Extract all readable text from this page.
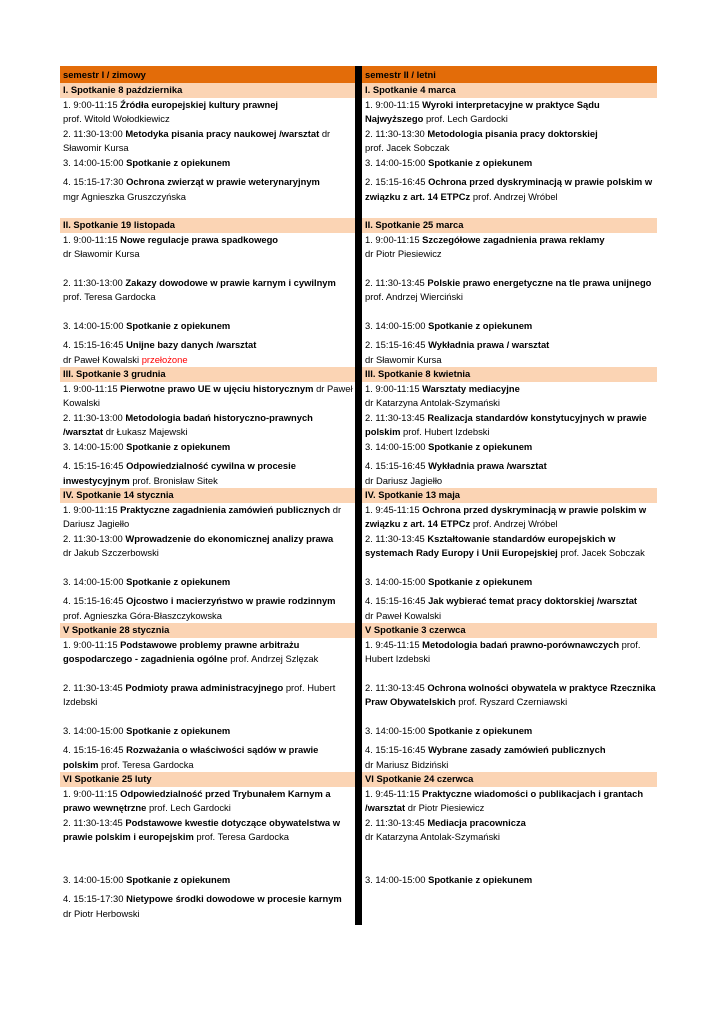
semestr I / zimowy
I. Spotkanie 8 października
1. 9:00-11:15 Źródła europejskiej kultury prawnej
prof. Witold Wołodkiewicz
2. 11:30-13:00 Metodyka pisania pracy naukowej /warsztat dr Sławomir Kursa
3. 14:00-15:00 Spotkanie z opiekunem
4. 15:15-17:30 Ochrona zwierząt w prawie weterynaryjnym
mgr Agnieszka Gruszczyńska
II. Spotkanie 19 listopada
1. 9:00-11:15 Nowe regulacje prawa spadkowego
dr Sławomir Kursa
2. 11:30-13:00 Zakazy dowodowe w prawie karnym i cywilnym
prof. Teresa Gardocka
3. 14:00-15:00 Spotkanie z opiekunem
4. 15:15-16:45 Unijne bazy danych /warsztat
dr Paweł Kowalski przełożone
III. Spotkanie 3 grudnia
1. 9:00-11:15 Pierwotne prawo UE w ujęciu historycznym dr Paweł Kowalski
2. 11:30-13:00 Metodologia badań historyczno-prawnych /warsztat dr Łukasz Majewski
3. 14:00-15:00 Spotkanie z opiekunem
4. 15:15-16:45 Odpowiedzialność cywilna w procesie inwestycyjnym prof. Bronisław Sitek
IV. Spotkanie 14 stycznia
1. 9:00-11:15 Praktyczne zagadnienia zamówień publicznych dr Dariusz Jagiełło
2. 11:30-13:00 Wprowadzenie do ekonomicznej analizy prawa
dr Jakub Szczerbowski
3. 14:00-15:00 Spotkanie z opiekunem
4. 15:15-16:45 Ojcostwo i macierzyństwo w prawie rodzinnym
prof. Agnieszka Góra-Błaszczykowska
V Spotkanie 28 stycznia
1. 9:00-11:15 Podstawowe problemy prawne arbitrażu gospodarczego - zagadnienia ogólne prof. Andrzej Szlęzak
2. 11:30-13:45 Podmioty prawa administracyjnego prof. Hubert Izdebski
3. 14:00-15:00 Spotkanie z opiekunem
4. 15:15-16:45 Rozważania o właściwości sądów w prawie polskim prof. Teresa Gardocka
VI Spotkanie 25 luty
1. 9:00-11:15 Odpowiedzialność przed Trybunałem Karnym a prawo wewnętrzne prof. Lech Gardocki
2. 11:30-13:45 Podstawowe kwestie dotyczące obywatelstwa w prawie polskim i europejskim prof. Teresa Gardocka
3. 14:00-15:00 Spotkanie z opiekunem
4. 15:15-17:30 Nietypowe środki dowodowe w procesie karnym
dr Piotr Herbowski
semestr II / letni
I. Spotkanie 4 marca
1. 9:00-11:15 Wyroki interpretacyjne w praktyce Sądu Najwyższego prof. Lech Gardocki
2. 11:30-13:30 Metodologia pisania pracy doktorskiej
prof. Jacek Sobczak
3. 14:00-15:00 Spotkanie z opiekunem
2. 15:15-16:45 Ochrona przed dyskryminacją w prawie polskim w związku z art. 14 ETPCz prof. Andrzej Wróbel
II. Spotkanie 25 marca
1. 9:00-11:15 Szczegółowe zagadnienia prawa reklamy
dr Piotr Piesiewicz
2. 11:30-13:45 Polskie prawo energetyczne na tle prawa unijnego prof. Andrzej Wierciński
3. 14:00-15:00 Spotkanie z opiekunem
2. 15:15-16:45 Wykładnia prawa / warsztat
dr Sławomir Kursa
III. Spotkanie 8 kwietnia
1. 9:00-11:15 Warsztaty mediacyjne
dr Katarzyna Antolak-Szymański
2. 11:30-13:45 Realizacja standardów konstytucyjnych w prawie polskim prof. Hubert Izdebski
3. 14:00-15:00 Spotkanie z opiekunem
4. 15:15-16:45 Wykładnia prawa /warsztat
dr Dariusz Jagiełło
IV. Spotkanie 13 maja
1. 9:45-11:15 Ochrona przed dyskryminacją w prawie polskim w związku z art. 14 ETPCz prof. Andrzej Wróbel
2. 11:30-13:45 Kształtowanie standardów europejskich w systemach Rady Europy i Unii Europejskiej prof. Jacek Sobczak
3. 14:00-15:00 Spotkanie z opiekunem
4. 15:15-16:45 Jak wybierać temat pracy doktorskiej /warsztat
dr Paweł Kowalski
V Spotkanie 3 czerwca
1. 9:45-11:15 Metodologia badań prawno-porównawczych prof. Hubert Izdebski
2. 11:30-13:45 Ochrona wolności obywatela w praktyce Rzecznika Praw Obywatelskich prof. Ryszard Czerniawski
3. 14:00-15:00 Spotkanie z opiekunem
4. 15:15-16:45 Wybrane zasady zamówień publicznych
dr Mariusz Bidziński
VI Spotkanie 24 czerwca
1. 9:45-11:15 Praktyczne wiadomości o publikacjach i grantach /warsztat dr Piotr Piesiewicz
2. 11:30-13:45 Mediacja pracownicza
dr Katarzyna Antolak-Szymański
3. 14:00-15:00 Spotkanie z opiekunem
